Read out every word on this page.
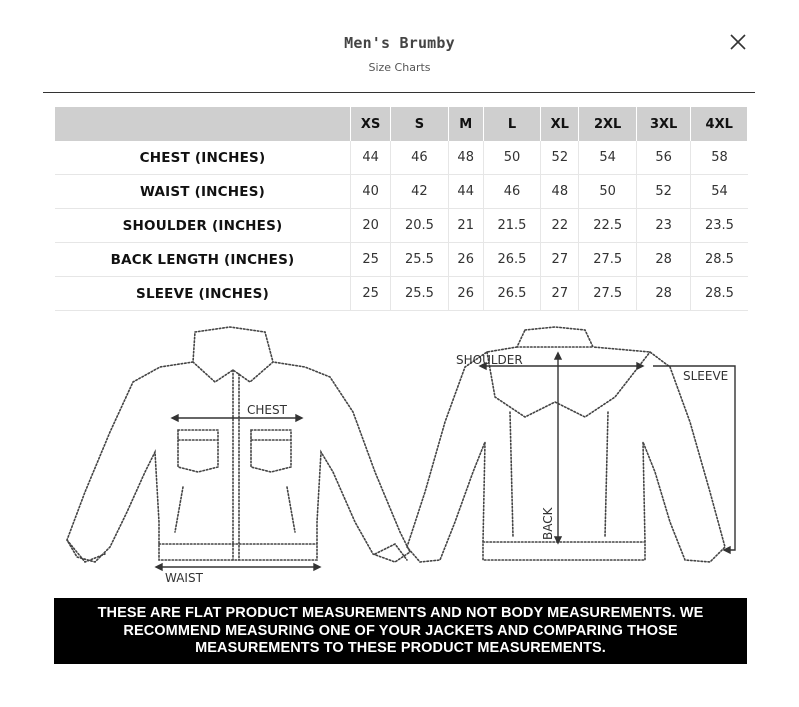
Men's Brumby
Size Charts
	XS	S	M	L	XL	2XL	3XL	4XL
CHEST (INCHES)	44	46	48	50	52	54	56	58
WAIST (INCHES)	40	42	44	46	48	50	52	54
SHOULDER (INCHES)	20	20.5	21	21.5	22	22.5	23	23.5
BACK LENGTH (INCHES)	25	25.5	26	26.5	27	27.5	28	28.5
SLEEVE (INCHES)	25	25.5	26	26.5	27	27.5	28	28.5
CHEST
WAIST
SHOULDER
SLEEVE
BACK
THESE ARE FLAT PRODUCT MEASUREMENTS AND NOT BODY MEASUREMENTS. WE
RECOMMEND MEASURING ONE OF YOUR JACKETS AND COMPARING THOSE
MEASUREMENTS TO THESE PRODUCT MEASUREMENTS.
